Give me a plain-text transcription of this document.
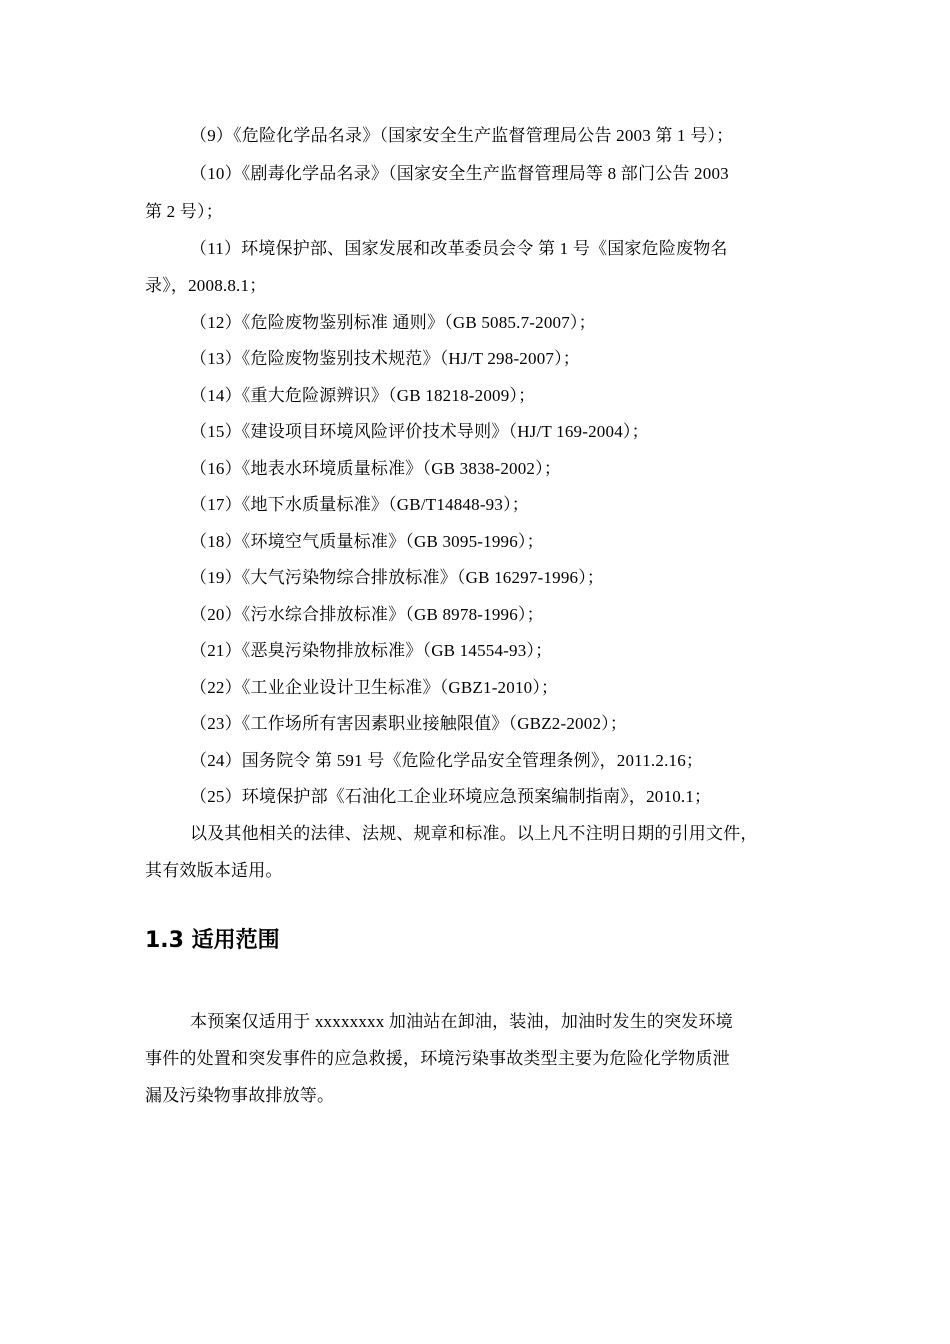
（9）《危险化学品名录》（国家安全生产监督管理局公告 2003 第 1 号）；
（10）《剧毒化学品名录》（国家安全生产监督管理局等 8 部门公告 2003
第 2 号）；
（11）环境保护部、国家发展和改革委员会令 第 1 号《国家危险废物名
录》，2008.8.1；
（12）《危险废物鉴别标准 通则》（GB 5085.7-2007）；
（13）《危险废物鉴别技术规范》（HJ/T 298-2007）；
（14）《重大危险源辨识》（GB 18218-2009）；
（15）《建设项目环境风险评价技术导则》（HJ/T 169-2004）；
（16）《地表水环境质量标准》（GB 3838-2002）；
（17）《地下水质量标准》（GB/T14848-93）；
（18）《环境空气质量标准》（GB 3095-1996）；
（19）《大气污染物综合排放标准》（GB 16297-1996）；
（20）《污水综合排放标准》（GB 8978-1996）；
（21）《恶臭污染物排放标准》（GB 14554-93）；
（22）《工业企业设计卫生标准》（GBZ1-2010）；
（23）《工作场所有害因素职业接触限值》（GBZ2-2002）；
（24）国务院令 第 591 号《危险化学品安全管理条例》，2011.2.16；
（25）环境保护部《石油化工企业环境应急预案编制指南》，2010.1；
以及其他相关的法律、法规、规章和标准。以上凡不注明日期的引用文件，
其有效版本适用。
1.3 适用范围
本预案仅适用于 xxxxxxxx 加油站在卸油，装油，加油时发生的突发环境
事件的处置和突发事件的应急救援，环境污染事故类型主要为危险化学物质泄
漏及污染物事故排放等。
